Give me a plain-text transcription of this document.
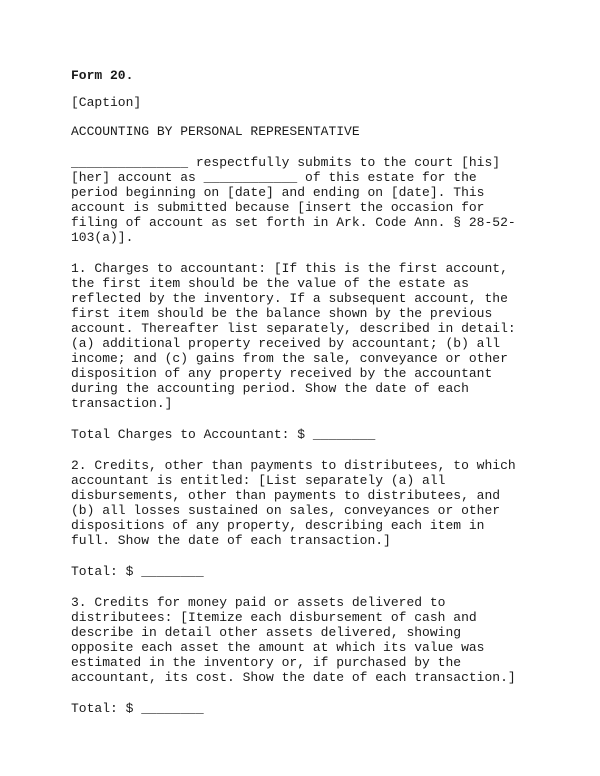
Form 20.
[Caption]
ACCOUNTING BY PERSONAL REPRESENTATIVE
_______________ respectfully submits to the court [his]
[her] account as ____________ of this estate for the
period beginning on [date] and ending on [date]. This
account is submitted because [insert the occasion for
filing of account as set forth in Ark. Code Ann. § 28-52-
103(a)].
1. Charges to accountant: [If this is the first account,
the first item should be the value of the estate as
reflected by the inventory. If a subsequent account, the
first item should be the balance shown by the previous
account. Thereafter list separately, described in detail:
(a) additional property received by accountant; (b) all
income; and (c) gains from the sale, conveyance or other
disposition of any property received by the accountant
during the accounting period. Show the date of each
transaction.]
Total Charges to Accountant: $ ________
2. Credits, other than payments to distributees, to which
accountant is entitled: [List separately (a) all
disbursements, other than payments to distributees, and
(b) all losses sustained on sales, conveyances or other
dispositions of any property, describing each item in
full. Show the date of each transaction.]
Total: $ ________
3. Credits for money paid or assets delivered to
distributees: [Itemize each disbursement of cash and
describe in detail other assets delivered, showing
opposite each asset the amount at which its value was
estimated in the inventory or, if purchased by the
accountant, its cost. Show the date of each transaction.]
Total: $ ________
